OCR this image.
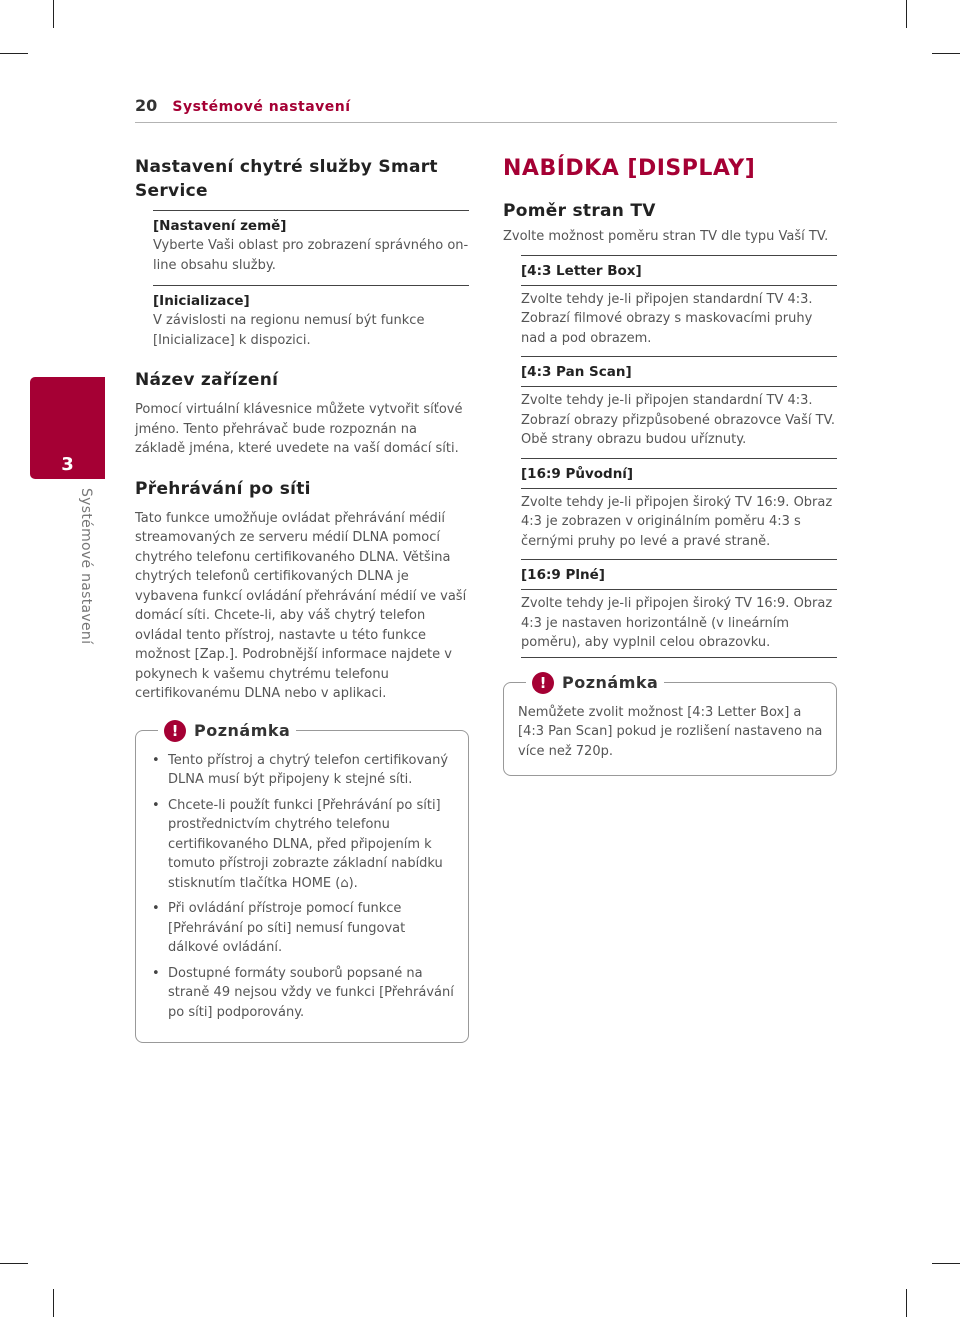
20 Systémové nastavení
3
Systémové nastavení
Nastavení chytré služby Smart Service
[Nastavení země]
Vyberte Vaši oblast pro zobrazení správného on-line obsahu služby.
[Inicializace]
V závislosti na regionu nemusí být funkce [Inicializace] k dispozici.
Název zařízení

Pomocí virtuální klávesnice můžete vytvořit síťové jméno. Tento přehrávač bude rozpoznán na základě jména, které uvedete na vaší domácí síti.

Přehrávání po síti

Tato funkce umožňuje ovládat přehrávání médií streamovaných ze serveru médií DLNA pomocí chytrého telefonu certifikovaného DLNA. Většina chytrých telefonů certifikovaných DLNA je vybavena funkcí ovládání přehrávání médií ve vaší domácí síti. Chcete-li, aby váš chytrý telefon ovládal tento přístroj, nastavte u této funkce možnost [Zap.]. Podrobnější informace najdete v pokynech k vašemu chytrému telefonu certifikovanému DLNA nebo v aplikaci.

! Poznámka
• Tento přístroj a chytrý telefon certifikovaný DLNA musí být připojeny k stejné síti.
• Chcete-li použít funkci [Přehrávání po síti] prostřednictvím chytrého telefonu certifikovaného DLNA, před připojením k tomuto přístroji zobrazte základní nabídku stisknutím tlačítka HOME (⌂).
• Při ovládání přístroje pomocí funkce [Přehrávání po síti] nemusí fungovat dálkové ovládání.
• Dostupné formáty souborů popsané na straně 49 nejsou vždy ve funkci [Přehrávání po síti] podporovány.
NABÍDKA [DISPLAY]
Poměr stran TV

Zvolte možnost poměru stran TV dle typu Vaší TV.

[4:3 Letter Box]
Zvolte tehdy je-li připojen standardní TV 4:3. Zobrazí filmové obrazy s maskovacími pruhy nad a pod obrazem.
[4:3 Pan Scan]
Zvolte tehdy je-li připojen standardní TV 4:3. Zobrazí obrazy přizpůsobené obrazovce Vaší TV. Obě strany obrazu budou uříznuty.
[16:9 Původní]
Zvolte tehdy je-li připojen široký TV 16:9. Obraz 4:3 je zobrazen v originálním poměru 4:3 s černými pruhy po levé a pravé straně.
[16:9 Plné]
Zvolte tehdy je-li připojen široký TV 16:9. Obraz 4:3 je nastaven horizontálně (v lineárním poměru), aby vyplnil celou obrazovku.
! Poznámka

Nemůžete zvolit možnost [4:3 Letter Box] a [4:3 Pan Scan] pokud je rozlišení nastaveno na více než 720p.
